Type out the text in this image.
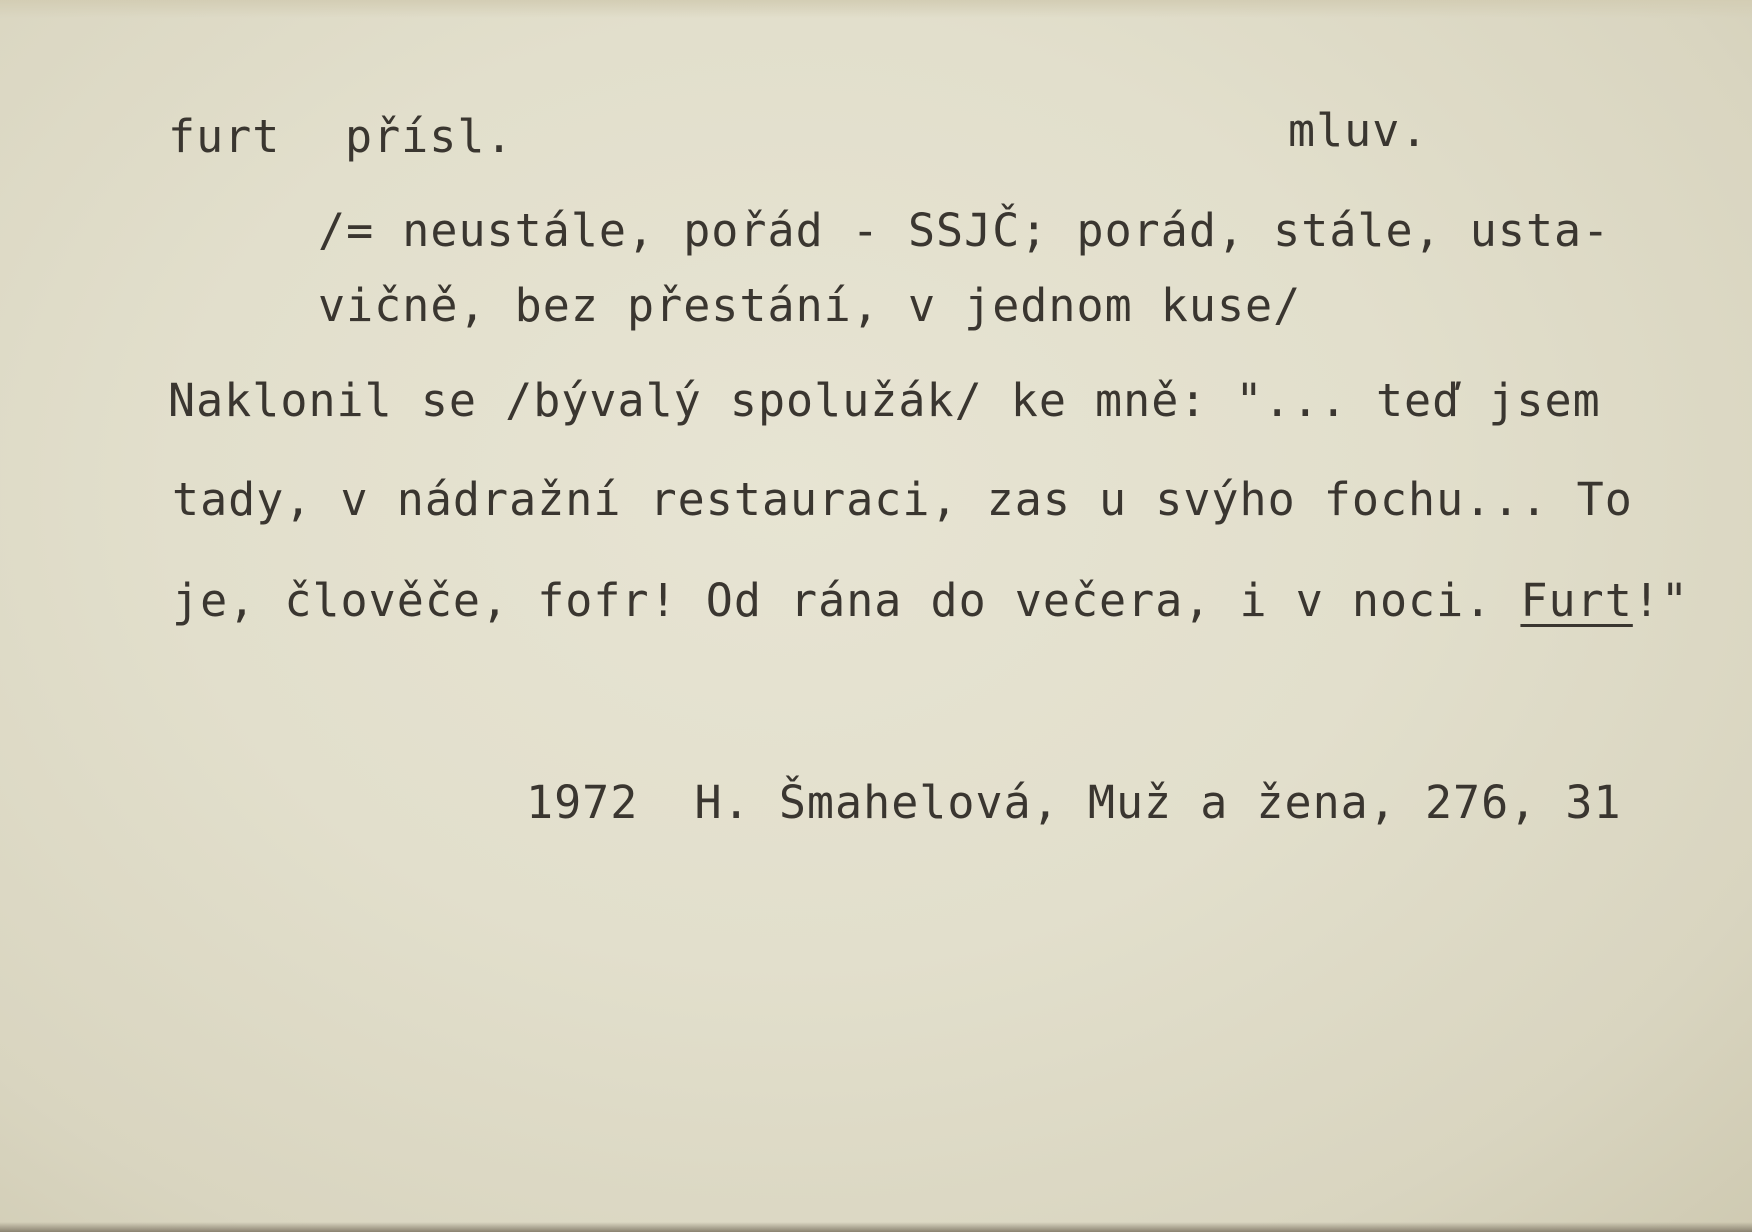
furt přísl.	mluv.
/= neustále, pořád - SSJČ; porád, stále, usta-
vičně, bez přestání, v jednom kuse/
Naklonil se /bývalý spolužák/ ke mně: "... teď jsem
tady, v nádražní restauraci, zas u svýho fochu... To
je, člověče, fofr! Od rána do večera, i v noci. Furt!"
1972  H. Šmahelová, Muž a žena, 276, 31
